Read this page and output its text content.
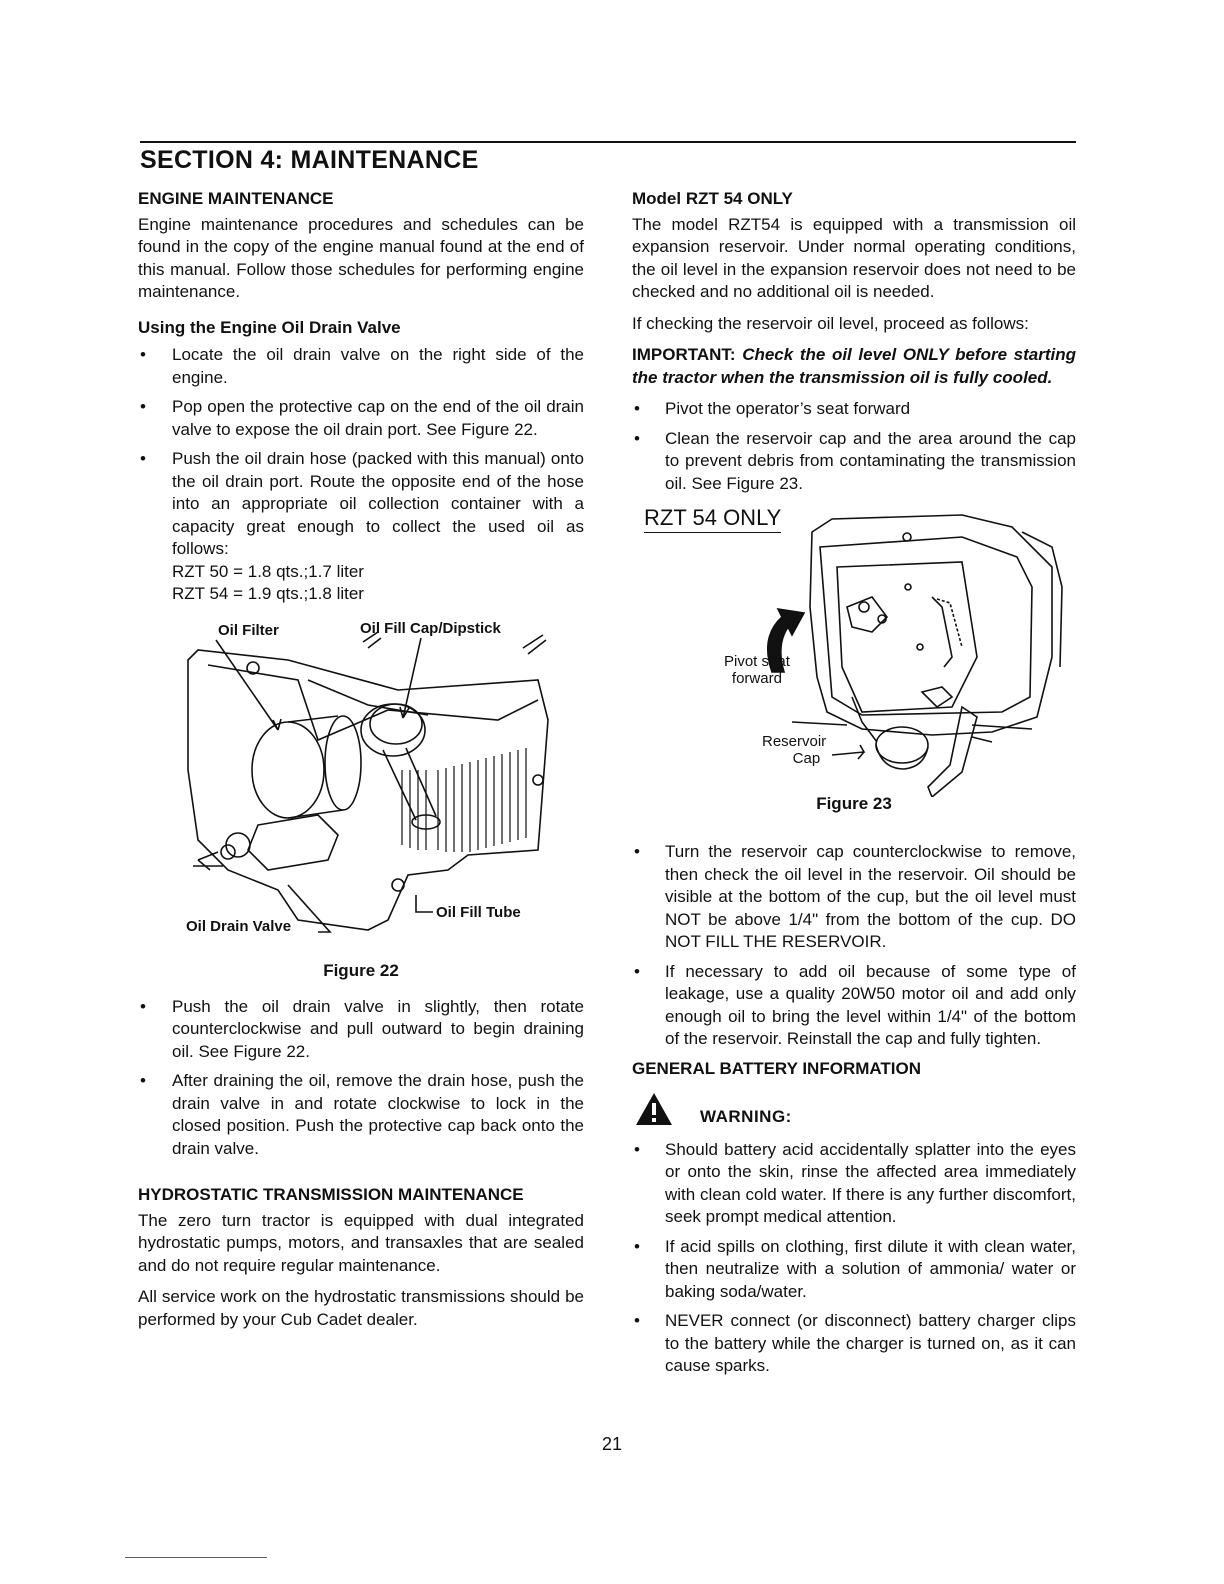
SECTION 4: MAINTENANCE
ENGINE MAINTENANCE

Engine maintenance procedures and schedules can be found in the copy of the engine manual found at the end of this manual. Follow those schedules for performing engine maintenance.

Using the Engine Oil Drain Valve
• Locate the oil drain valve on the right side of the engine.
• Pop open the protective cap on the end of the oil drain valve to expose the oil drain port. See Figure 22.
• Push the oil drain hose (packed with this manual) onto the oil drain port. Route the opposite end of the hose into an appropriate oil collection container with a capacity great enough to collect the used oil as follows:
RZT 50 = 1.8 qts.;1.7 liter
RZT 54 = 1.9 qts.;1.8 liter
Oil Filter	Oil Fill Cap/Dipstick
Oil Drain Valve
Oil Fill Tube
Figure 22
• Push the oil drain valve in slightly, then rotate counterclockwise and pull outward to begin draining oil. See Figure 22.
• After draining the oil, remove the drain hose, push the drain valve in and rotate clockwise to lock in the closed position. Push the protective cap back onto the drain valve.
HYDROSTATIC TRANSMISSION MAINTENANCE

The zero turn tractor is equipped with dual integrated hydrostatic pumps, motors, and transaxles that are sealed and do not require regular maintenance.

All service work on the hydrostatic transmissions should be performed by your Cub Cadet dealer.

Model RZT 54 ONLY

The model RZT54 is equipped with a transmission oil expansion reservoir. Under normal operating conditions, the oil level in the expansion reservoir does not need to be checked and no additional oil is needed.

If checking the reservoir oil level, proceed as follows:

IMPORTANT: Check the oil level ONLY before starting the tractor when the transmission oil is fully cooled.

• Pivot the operator’s seat forward
• Clean the reservoir cap and the area around the cap to prevent debris from contaminating the transmission oil. See Figure 23.
RZT 54 ONLY
Pivot seat
forward
Reservoir
Cap
Figure 23
• Turn the reservoir cap counterclockwise to remove, then check the oil level in the reservoir. Oil should be visible at the bottom of the cup, but the oil level must NOT be above 1/4" from the bottom of the cup. DO NOT FILL THE RESERVOIR.
• If necessary to add oil because of some type of leakage, use a quality 20W50 motor oil and add only enough oil to bring the level within 1/4" of the bottom of the reservoir. Reinstall the cap and fully tighten.
GENERAL BATTERY INFORMATION
WARNING:
• Should battery acid accidentally splatter into the eyes or onto the skin, rinse the affected area immediately with clean cold water. If there is any further discomfort, seek prompt medical attention.
• If acid spills on clothing, first dilute it with clean water, then neutralize with a solution of ammonia/ water or baking soda/water.
• NEVER connect (or disconnect) battery charger clips to the battery while the charger is turned on, as it can cause sparks.
21
